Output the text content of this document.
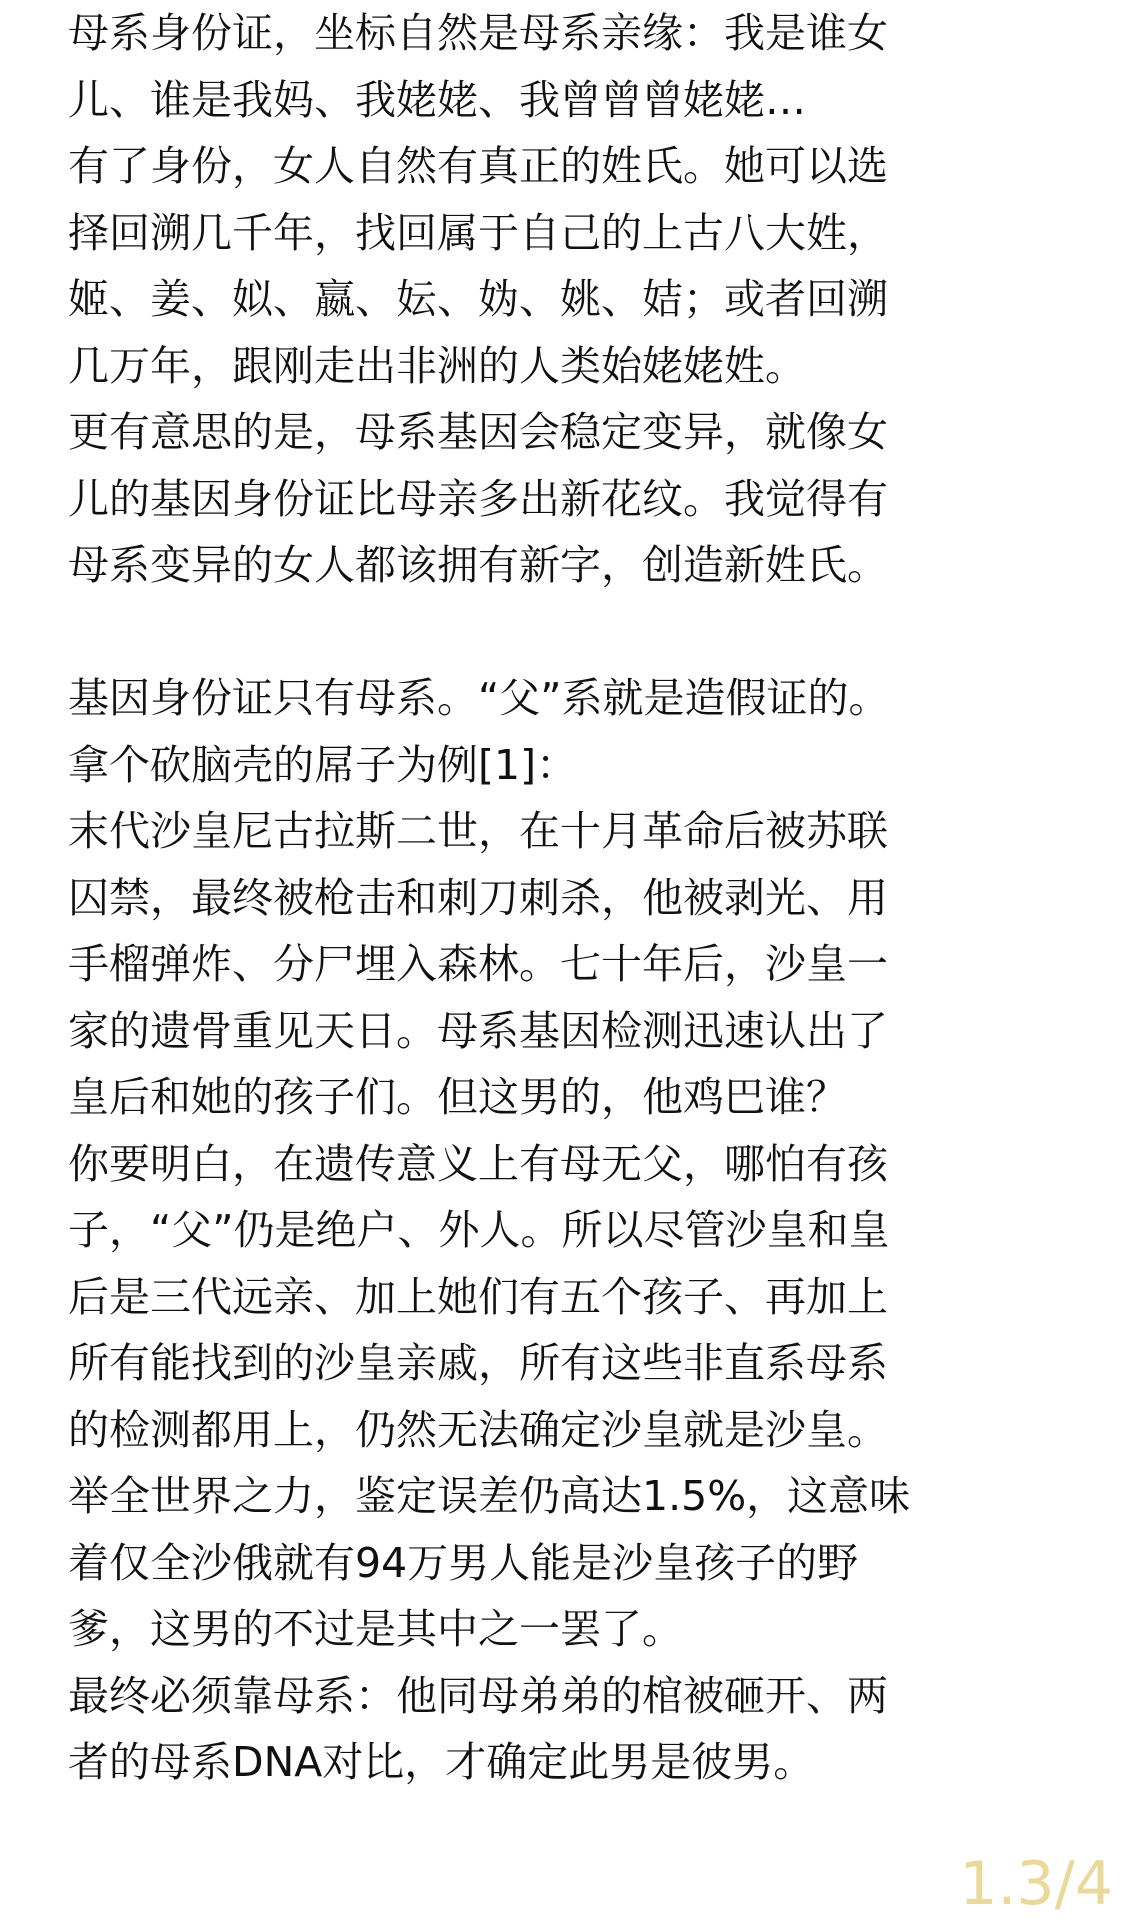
母系身份证，坐标自然是母系亲缘：我是谁女
儿、谁是我妈、我姥姥、我曾曾曾姥姥…
有了身份，女人自然有真正的姓氏。她可以选
择回溯几千年，找回属于自己的上古八大姓，
姬、姜、姒、嬴、妘、妫、姚、姞；或者回溯
几万年，跟刚走出非洲的人类始姥姥姓。
更有意思的是，母系基因会稳定变异，就像女
儿的基因身份证比母亲多出新花纹。我觉得有
母系变异的女人都该拥有新字，创造新姓氏。
基因身份证只有母系。“父”系就是造假证的。
拿个砍脑壳的屌子为例[1]：
末代沙皇尼古拉斯二世，在十月革命后被苏联
囚禁，最终被枪击和刺刀刺杀，他被剥光、用
手榴弹炸、分尸埋入森林。七十年后，沙皇一
家的遗骨重见天日。母系基因检测迅速认出了
皇后和她的孩子们。但这男的，他鸡巴谁？
你要明白，在遗传意义上有母无父，哪怕有孩
子，“父”仍是绝户、外人。所以尽管沙皇和皇
后是三代远亲、加上她们有五个孩子、再加上
所有能找到的沙皇亲戚，所有这些非直系母系
的检测都用上，仍然无法确定沙皇就是沙皇。
举全世界之力，鉴定误差仍高达1.5%，这意味
着仅全沙俄就有94万男人能是沙皇孩子的野
爹，这男的不过是其中之一罢了。
最终必须靠母系：他同母弟弟的棺被砸开、两
者的母系DNA对比，才确定此男是彼男。
1.3/4
